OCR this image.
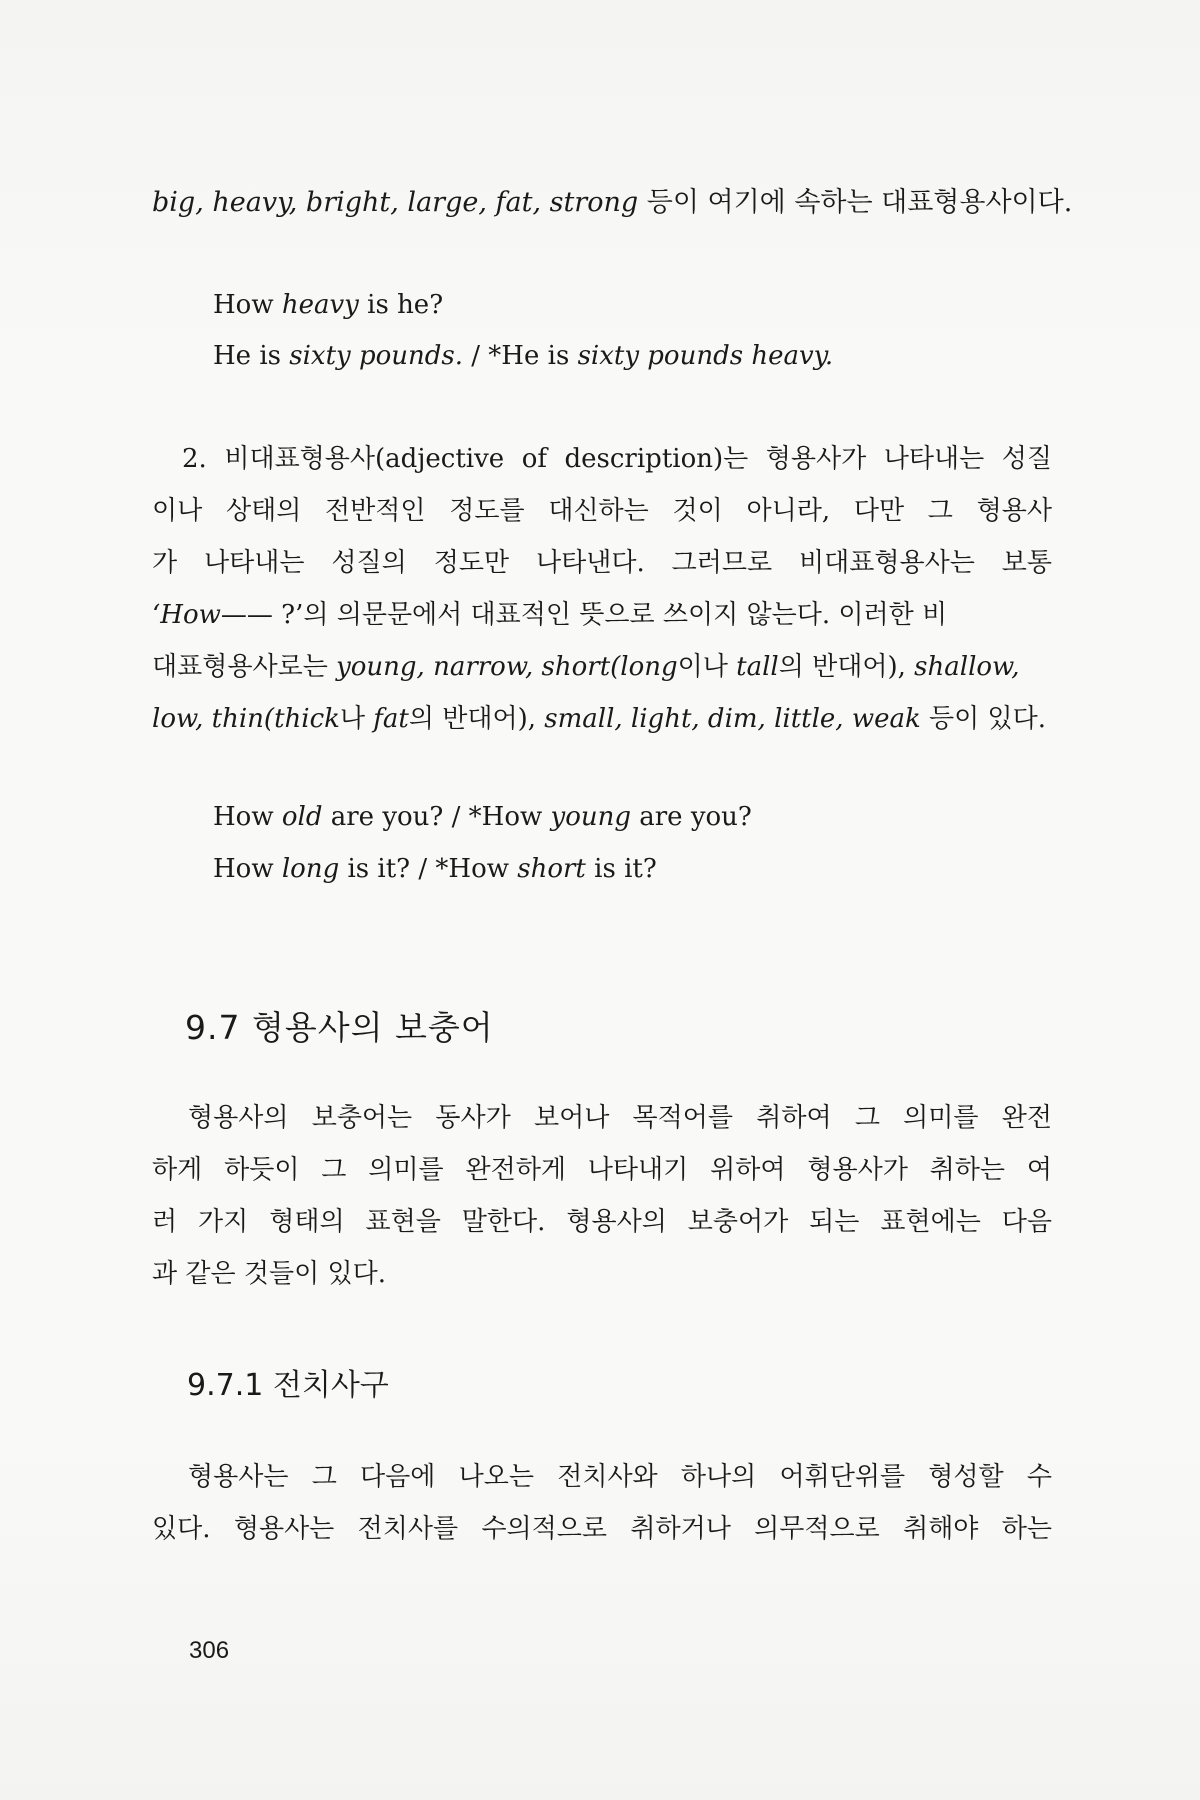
big, heavy, bright, large, fat, strong 등이 여기에 속하는 대표형용사이다.
How heavy is he?
He is sixty pounds. / *He is sixty pounds heavy.
2. 비대표형용사(adjective of description)는 형용사가 나타내는 성질
이나 상태의 전반적인 정도를 대신하는 것이 아니라, 다만 그 형용사
가 나타내는 성질의 정도만 나타낸다. 그러므로 비대표형용사는 보통
‘How—— ?’의 의문문에서 대표적인 뜻으로 쓰이지 않는다. 이러한 비
대표형용사로는 young, narrow, short(long이나 tall의 반대어), shallow,
low, thin(thick나 fat의 반대어), small, light, dim, little, weak 등이 있다.
How old are you? / *How young are you?
How long is it? / *How short is it?
9.7 형용사의 보충어
형용사의 보충어는 동사가 보어나 목적어를 취하여 그 의미를 완전
하게 하듯이 그 의미를 완전하게 나타내기 위하여 형용사가 취하는 여
러 가지 형태의 표현을 말한다. 형용사의 보충어가 되는 표현에는 다음
과 같은 것들이 있다.
9.7.1 전치사구
형용사는 그 다음에 나오는 전치사와 하나의 어휘단위를 형성할 수
있다. 형용사는 전치사를 수의적으로 취하거나 의무적으로 취해야 하는
306
